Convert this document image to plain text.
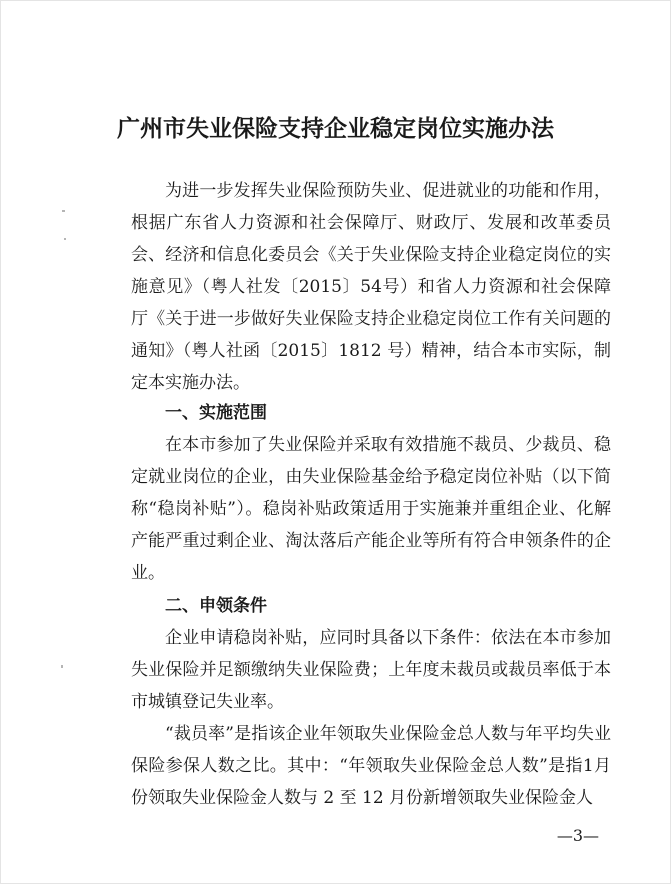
广州市失业保险支持企业稳定岗位实施办法
为进一步发挥失业保险预防失业、促进就业的功能和作用，根据广东省人力资源和社会保障厅、财政厅、发展和改革委员会、经济和信息化委员会《关于失业保险支持企业稳定岗位的实施意见》（粤人社发〔2015〕54号）和省人力资源和社会保障厅《关于进一步做好失业保险支持企业稳定岗位工作有关问题的通知》（粤人社函〔2015〕1812 号）精神，结合本市实际，制定本实施办法。
一、实施范围
在本市参加了失业保险并采取有效措施不裁员、少裁员、稳定就业岗位的企业，由失业保险基金给予稳定岗位补贴（以下简称“稳岗补贴”）。稳岗补贴政策适用于实施兼并重组企业、化解产能严重过剩企业、淘汰落后产能企业等所有符合申领条件的企业。
二、申领条件
企业申请稳岗补贴，应同时具备以下条件：依法在本市参加失业保险并足额缴纳失业保险费；上年度未裁员或裁员率低于本市城镇登记失业率。
“裁员率”是指该企业年领取失业保险金总人数与年平均失业保险参保人数之比。其中：“年领取失业保险金总人数”是指1月份领取失业保险金人数与 2 至 12 月份新增领取失业保险金人
—3—
